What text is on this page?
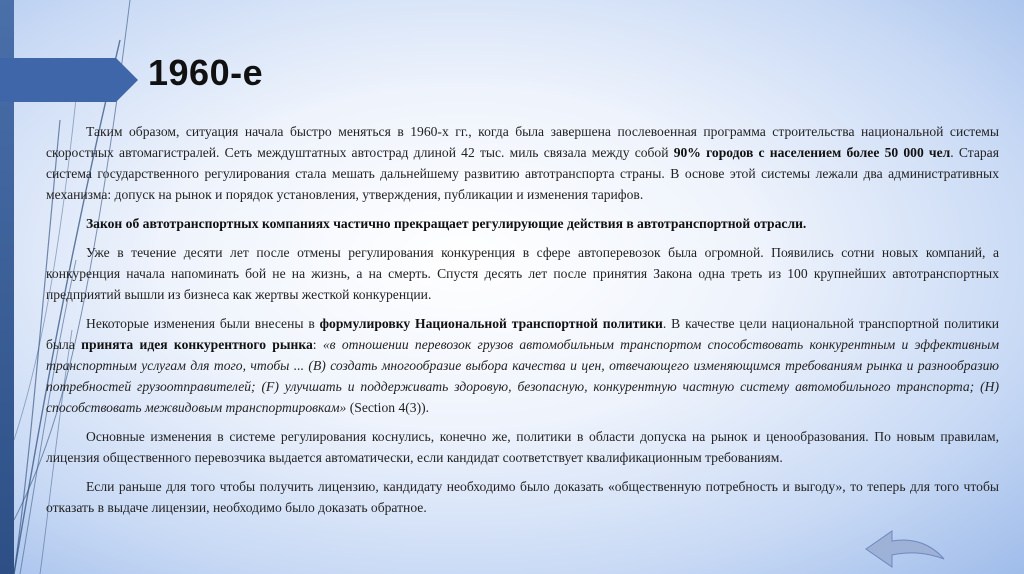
1960-е

Таким образом, ситуация начала быстро меняться в 1960-х гг., когда была завершена послевоенная программа строительства национальной системы скоростных автомагистралей. Сеть междуштатных автострад длиной 42 тыс. миль связала между собой 90% городов с населением более 50 000 чел. Старая система государственного регулирования стала мешать дальнейшему развитию автотранспорта страны. В основе этой системы лежали два административных механизма: допуск на рынок и порядок установления, утверждения, публикации и изменения тарифов.

Закон об автотранспортных компаниях частично прекращает регулирующие действия в автотранспортной отрасли.

Уже в течение десяти лет после отмены регулирования конкуренция в сфере автоперевозок была огромной. Появились сотни новых компаний, а конкуренция начала напоминать бой не на жизнь, а на смерть. Спустя десять лет после принятия Закона одна треть из 100 крупнейших автотранспортных предприятий вышли из бизнеса как жертвы жесткой конкуренции.

Некоторые изменения были внесены в формулировку Национальной транспортной политики. В качестве цели национальной транспортной политики была принята идея конкурентного рынка: «в отношении перевозок грузов автомобильным транспортом способствовать конкурентным и эффективным транспортным услугам для того, чтобы ... (В) создать многообразие выбора качества и цен, отвечающего изменяющимся требованиям рынка и разнообразию потребностей грузоотправителей; (F) улучшать и поддерживать здоровую, безопасную, конкурентную частную систему автомобильного транспорта; (Н) способствовать межвидовым транспортировкам» (Section 4(3)).

Основные изменения в системе регулирования коснулись, конечно же, политики в области допуска на рынок и ценообразования. По новым правилам, лицензия общественного перевозчика выдается автоматически, если кандидат соответствует квалификационным требованиям.

Если раньше для того чтобы получить лицензию, кандидату необходимо было доказать «общественную потребность и выгоду», то теперь для того чтобы отказать в выдаче лицензии, необходимо было доказать обратное.
